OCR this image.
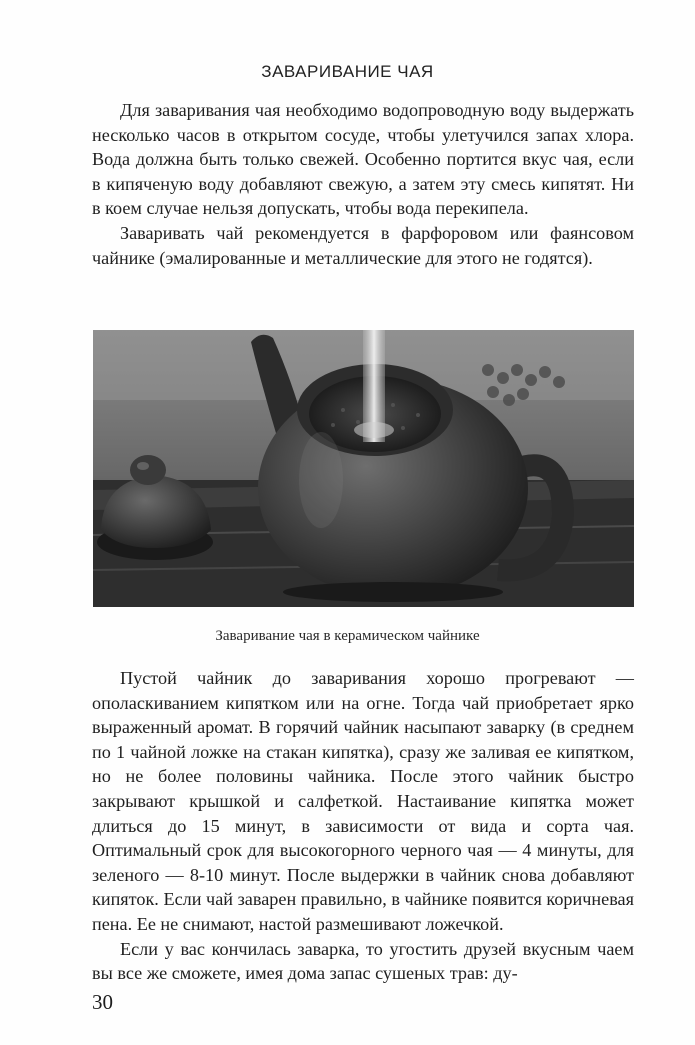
ЗАВАРИВАНИЕ ЧАЯ

Для заваривания чая необходимо водопроводную воду выдержать несколько часов в открытом сосуде, чтобы улетучился запах хлора. Вода должна быть только свежей. Особенно портится вкус чая, если в кипяченую воду добавляют свежую, а затем эту смесь кипятят. Ни в коем случае нельзя допускать, чтобы вода перекипела.

Заваривать чай рекомендуется в фарфоровом или фаянсовом чайнике (эмалированные и металлические для этого не годятся).

Заваривание чая в керамическом чайнике

Пустой чайник до заваривания хорошо прогревают — ополаскиванием кипятком или на огне. Тогда чай приобретает ярко выраженный аромат. В горячий чайник насыпают заварку (в среднем по 1 чайной ложке на стакан кипятка), сразу же заливая ее кипятком, но не более половины чайника. После этого чайник быстро закрывают крышкой и салфеткой. Настаивание кипятка может длиться до 15 минут, в зависимости от вида и сорта чая. Оптимальный срок для высокогорного черного чая — 4 минуты, для зеленого — 8-10 минут. После выдержки в чайник снова добавляют кипяток. Если чай заварен правильно, в чайнике появится коричневая пена. Ее не снимают, настой размешивают ложечкой.

Если у вас кончилась заварка, то угостить друзей вкусным чаем вы все же сможете, имея дома запас сушеных трав: ду-

30
